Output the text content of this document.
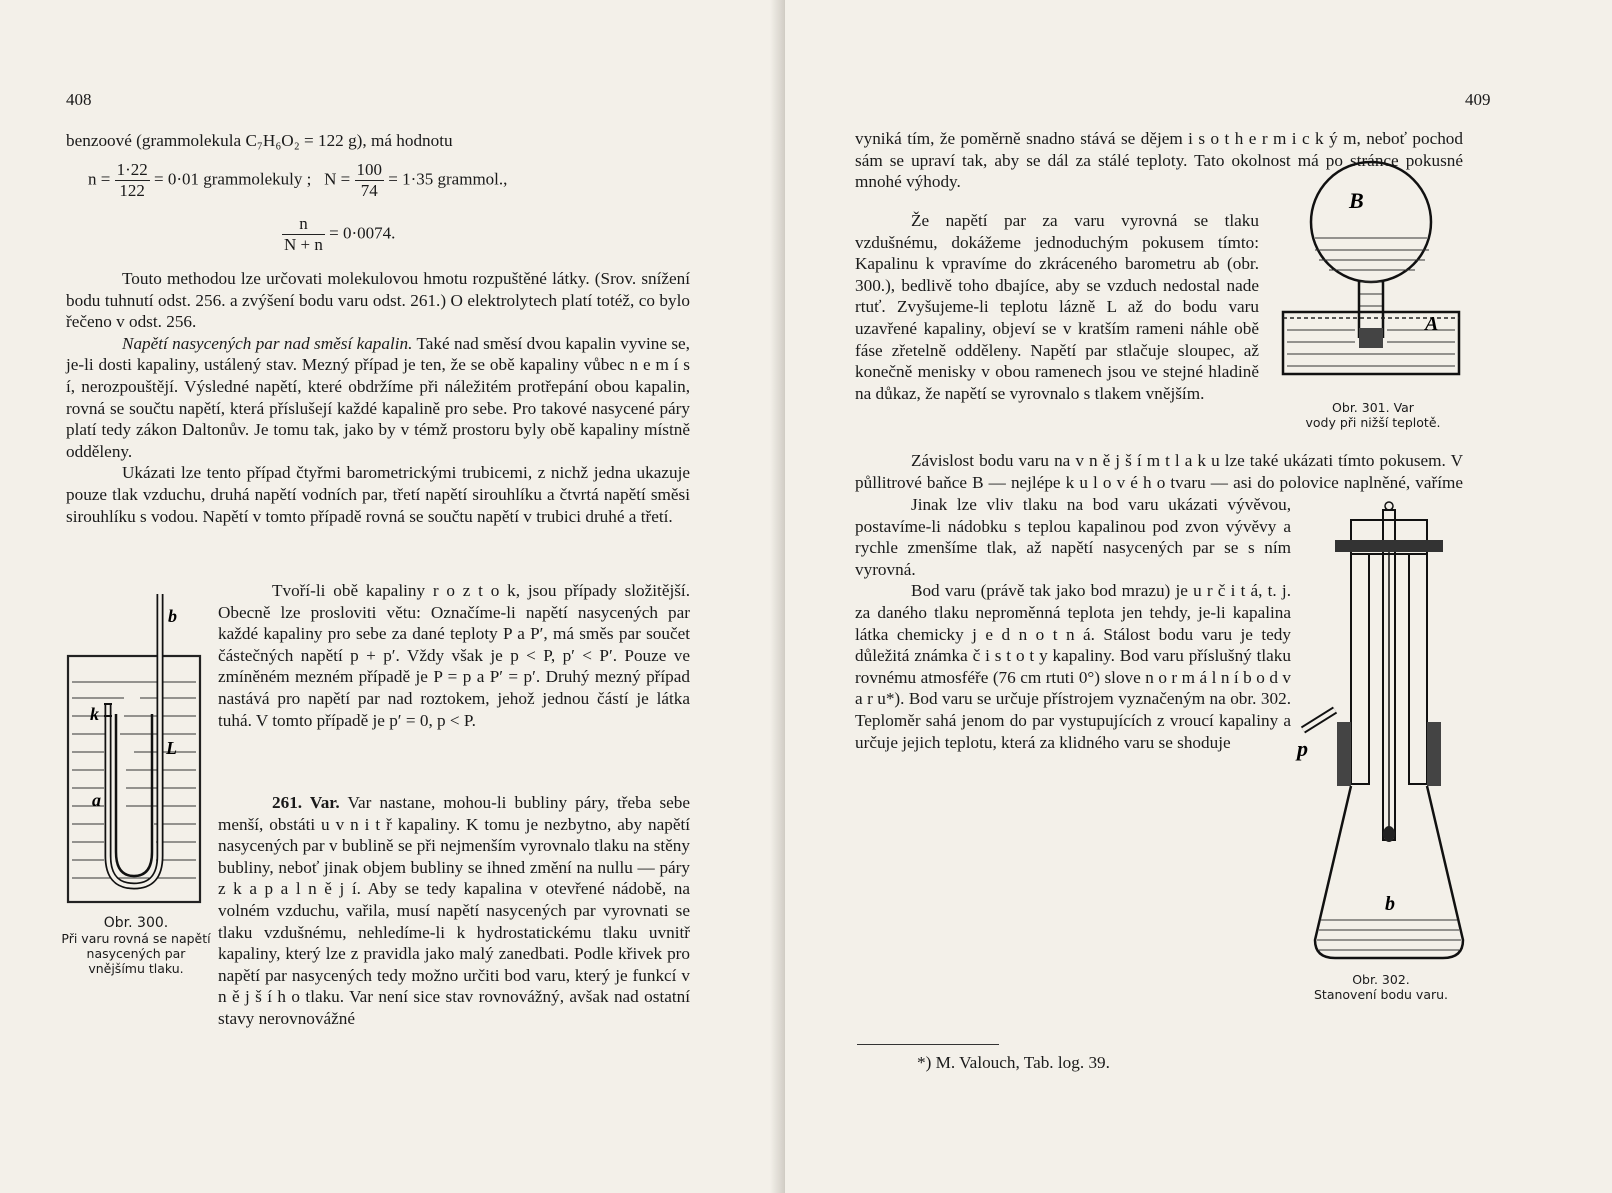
408
benzoové (grammolekula C₇H₆O₂ = 122 g), má hodnotu
$n = \frac{1\cdot 22}{122} = 0\cdot 01$ grammolekuly ; $N = \frac{100}{74} = 1\cdot 35$ grammol.,
$\frac{n}{N + n} = 0\cdot 0074$.

Touto methodou lze určovati molekulovou hmotu rozpuštěné látky. (Srov. snížení bodu tuhnutí odst. 256. a zvýšení bodu varu odst. 261.) O elektrolytech platí totéž, co bylo řečeno v odst. 256.

Napětí nasycených par nad směsí kapalin. Také nad směsí dvou kapalin vyvine se, je-li dosti kapaliny, ustálený stav. Mezný případ je ten, že se obě kapaliny vůbec n e m í s í, nerozpouštějí. Výsledné napětí, které obdržíme při náležitém protřepání obou kapalin, rovná se součtu napětí, která příslušejí každé kapalině pro sebe. Pro takové nasycené páry platí tedy zákon Daltonův. Je tomu tak, jako by v témž prostoru byly obě kapaliny místně odděleny.

Ukázati lze tento případ čtyřmi barometrickými trubicemi, z nichž jedna ukazuje pouze tlak vzduchu, druhá napětí vodních par, třetí napětí sirouhlíku a čtvrtá napětí směsi sirouhlíku s vodou. Napětí v tomto případě rovná se součtu napětí v trubici druhé a třetí.

b
k
L
a
Obr. 300.
Při varu rovná se napětí nasycených par vnějšímu tlaku.

Tvoří-li obě kapaliny r o z t o k, jsou případy složitější. Obecně lze prosloviti větu: Označíme-li napětí nasycených par každé kapaliny pro sebe za dané teploty P a P′, má směs par součet částečných napětí p + p′. Vždy však je p < P, p′ < P′. Pouze ve zmíněném mezném případě je P = p a P′ = p′. Druhý mezný případ nastává pro napětí par nad roztokem, jehož jednou částí je látka tuhá. V tomto případě je p′ = 0, p < P.

261. Var. Var nastane, mohou-li bubliny páry, třeba sebe menší, obstáti u v n i t ř kapaliny. K tomu je nezbytno, aby napětí nasycených par v bublině se při nejmenším vyrovnalo tlaku na stěny bubliny, neboť jinak objem bubliny se ihned změní na nullu — páry z k a p a l n ě j í. Aby se tedy kapalina v otevřené nádobě, na volném vzduchu, vařila, musí napětí nasycených par vyrovnati se tlaku vzdušnému, nehledíme-li k hydrostatickému tlaku uvnitř kapaliny, který lze z pravidla jako malý zanedbati. Podle křivek pro napětí par nasycených tedy možno určiti bod varu, který je funkcí v n ě j š í h o tlaku. Var není sice stav rovnovážný, avšak nad ostatní stavy nerovnovážné

409

vyniká tím, že poměrně snadno stává se dějem i s o t h e r m i c k ý m, neboť pochod sám se upraví tak, aby se dál za stálé teploty. Tato okolnost má po stránce pokusné mnohé výhody.

Že napětí par za varu vyrovná se tlaku vzdušnému, dokážeme jednoduchým pokusem tímto: Kapalinu k vpravíme do zkráceného barometru ab (obr. 300.), bedlivě toho dbajíce, aby se vzduch nedostal nade rtuť. Zvyšujeme-li teplotu lázně L až do bodu varu uzavřené kapaliny, objeví se v kratším rameni náhle obě fáse zřetelně odděleny. Napětí par stlačuje sloupec, až konečně menisky v obou ramenech jsou ve stejné hladině na důkaz, že napětí se vyrovnalo s tlakem vnějším.

B
A
Obr. 301. Var
vody při nižší teplotě.

Závislost bodu varu na v n ě j š í m t l a k u lze také ukázati tímto pokusem. V půllitrové baňce B — nejlépe k u l o v é h o tvaru — asi do polovice naplněné, vaříme

Jinak lze vliv tlaku na bod varu ukázati vývěvou, postavíme-li nádobku s teplou kapalinou pod zvon vývěvy a rychle zmenšíme tlak, až napětí nasycených par se s ním vyrovná.

Bod varu (právě tak jako bod mrazu) je u r č i t á, t. j. za daného tlaku neproměnná teplota jen tehdy, je-li kapalina látka chemicky j e d n o t n á. Stálost bodu varu je tedy důležitá známka č i s t o t y kapaliny. Bod varu příslušný tlaku rovnému atmosféře (76 cm rtuti 0°) slove n o r m á l n í b o d v a r u*). Bod varu se určuje přístrojem vyznačeným na obr. 302. Teploměr sahá jenom do par vystupujících z vroucí kapaliny a určuje jejich teplotu, která za klidného varu se shoduje	p
b
Obr. 302.
Stanovení bodu varu.
*) M. Valouch, Tab. log. 39.
